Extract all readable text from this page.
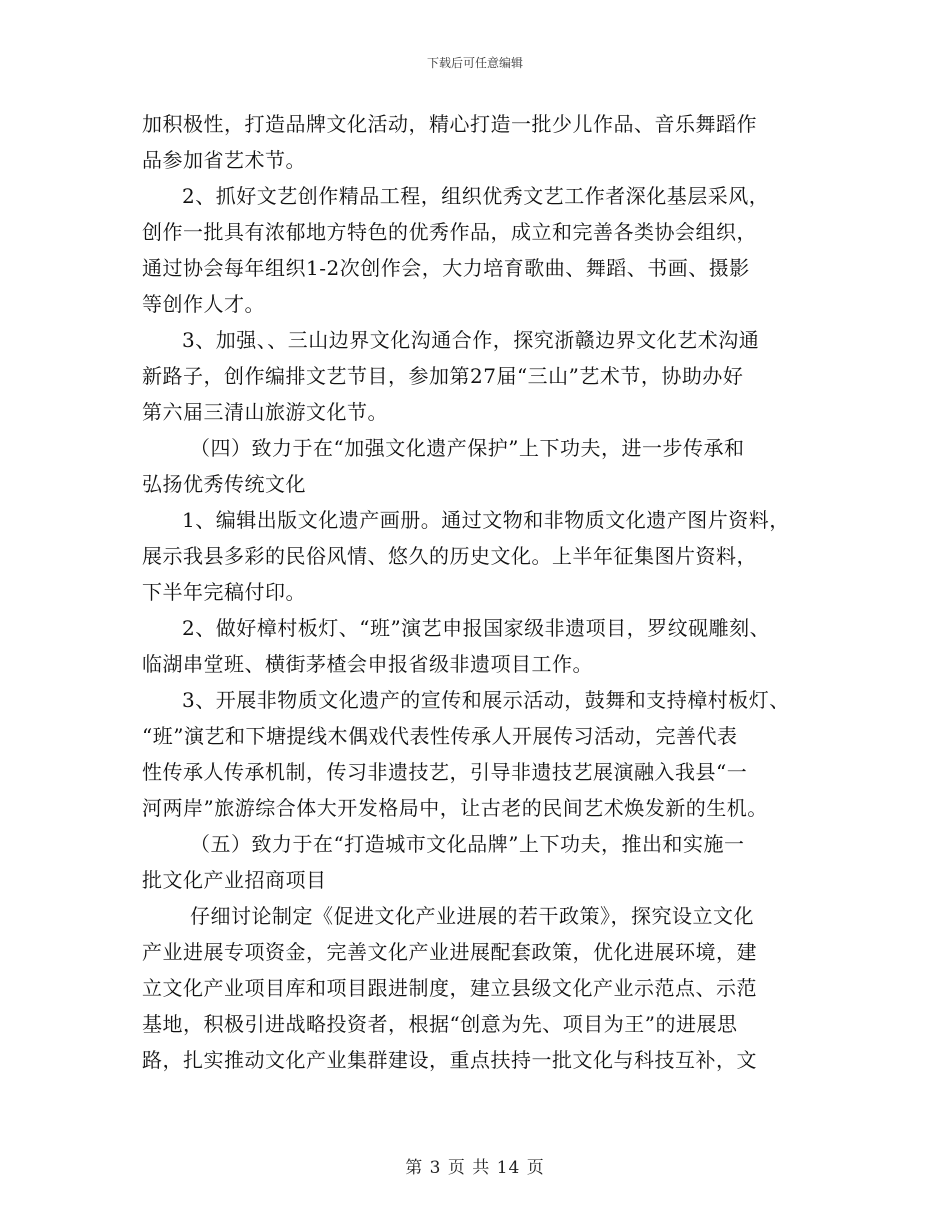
下载后可任意编辑
加积极性，打造品牌文化活动，精心打造一批少儿作品、音乐舞蹈作
品参加省艺术节。
2、抓好文艺创作精品工程，组织优秀文艺工作者深化基层采风，
创作一批具有浓郁地方特色的优秀作品，成立和完善各类协会组织，
通过协会每年组织1-2次创作会，大力培育歌曲、舞蹈、书画、摄影
等创作人才。
3、加强、、三山边界文化沟通合作，探究浙赣边界文化艺术沟通
新路子，创作编排文艺节目，参加第27届“三山”艺术节，协助办好
第六届三清山旅游文化节。
（四）致力于在“加强文化遗产保护”上下功夫，进一步传承和
弘扬优秀传统文化
1、编辑出版文化遗产画册。通过文物和非物质文化遗产图片资料，
展示我县多彩的民俗风情、悠久的历史文化。上半年征集图片资料，
下半年完稿付印。
2、做好樟村板灯、“班”演艺申报国家级非遗项目，罗纹砚雕刻、
临湖串堂班、横街茅楂会申报省级非遗项目工作。
3、开展非物质文化遗产的宣传和展示活动，鼓舞和支持樟村板灯、
“班”演艺和下塘提线木偶戏代表性传承人开展传习活动，完善代表
性传承人传承机制，传习非遗技艺，引导非遗技艺展演融入我县“一
河两岸”旅游综合体大开发格局中，让古老的民间艺术焕发新的生机。
（五）致力于在“打造城市文化品牌”上下功夫，推出和实施一
批文化产业招商项目
仔细讨论制定《促进文化产业进展的若干政策》，探究设立文化
产业进展专项资金，完善文化产业进展配套政策，优化进展环境，建
立文化产业项目库和项目跟进制度，建立县级文化产业示范点、示范
基地，积极引进战略投资者，根据“创意为先、项目为王”的进展思
路，扎实推动文化产业集群建设，重点扶持一批文化与科技互补，文
第 3 页 共 14 页
